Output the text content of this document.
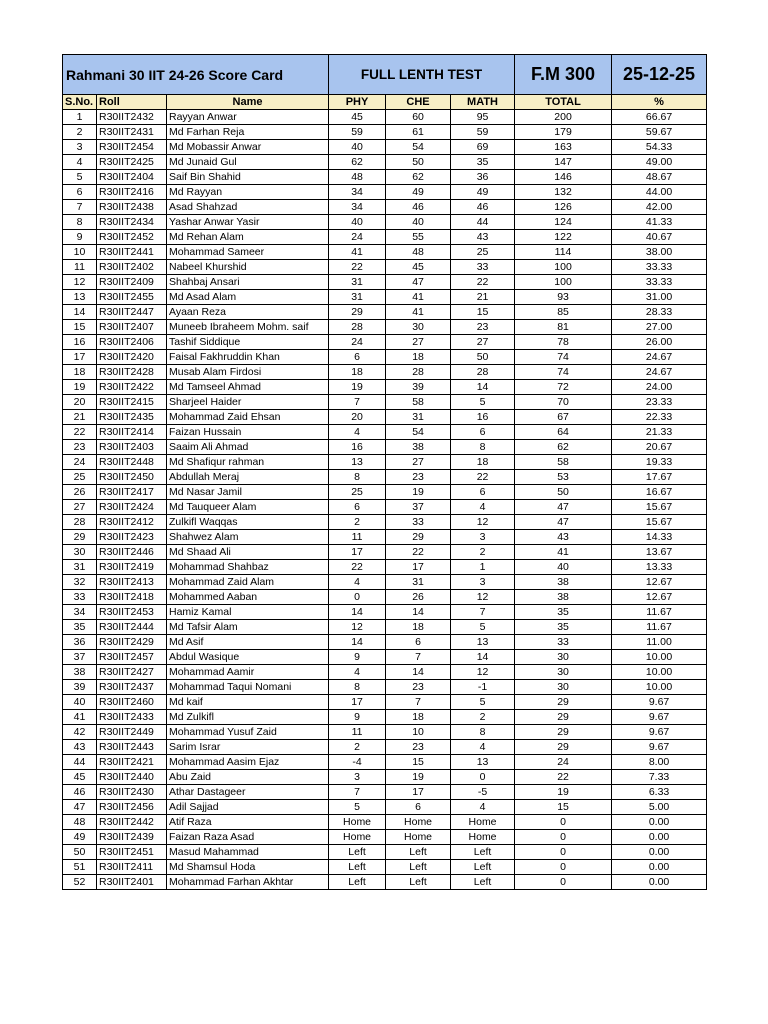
Rahmani 30 IIT 24-26 Score Card			FULL LENTH TEST			F.M 300	25-12-25
S.No.	Roll	Name	PHY	CHE	MATH	TOTAL	%
1	R30IIT2432	Rayyan Anwar	45	60	95	200	66.67
2	R30IIT2431	Md Farhan Reja	59	61	59	179	59.67
3	R30IIT2454	Md Mobassir Anwar	40	54	69	163	54.33
4	R30IIT2425	Md Junaid Gul	62	50	35	147	49.00
5	R30IIT2404	Saif Bin Shahid	48	62	36	146	48.67
6	R30IIT2416	Md Rayyan	34	49	49	132	44.00
7	R30IIT2438	Asad Shahzad	34	46	46	126	42.00
8	R30IIT2434	Yashar Anwar Yasir	40	40	44	124	41.33
9	R30IIT2452	Md Rehan Alam	24	55	43	122	40.67
10	R30IIT2441	Mohammad Sameer	41	48	25	114	38.00
11	R30IIT2402	Nabeel Khurshid	22	45	33	100	33.33
12	R30IIT2409	Shahbaj Ansari	31	47	22	100	33.33
13	R30IIT2455	Md Asad Alam	31	41	21	93	31.00
14	R30IIT2447	Ayaan Reza	29	41	15	85	28.33
15	R30IIT2407	Muneeb Ibraheem Mohm. saif	28	30	23	81	27.00
16	R30IIT2406	Tashif Siddique	24	27	27	78	26.00
17	R30IIT2420	Faisal Fakhruddin Khan	6	18	50	74	24.67
18	R30IIT2428	Musab Alam Firdosi	18	28	28	74	24.67
19	R30IIT2422	Md Tamseel Ahmad	19	39	14	72	24.00
20	R30IIT2415	Sharjeel Haider	7	58	5	70	23.33
21	R30IIT2435	Mohammad Zaid Ehsan	20	31	16	67	22.33
22	R30IIT2414	Faizan Hussain	4	54	6	64	21.33
23	R30IIT2403	Saaim Ali Ahmad	16	38	8	62	20.67
24	R30IIT2448	Md Shafiqur rahman	13	27	18	58	19.33
25	R30IIT2450	Abdullah Meraj	8	23	22	53	17.67
26	R30IIT2417	Md Nasar Jamil	25	19	6	50	16.67
27	R30IIT2424	Md Tauqueer Alam	6	37	4	47	15.67
28	R30IIT2412	Zulkifl Waqqas	2	33	12	47	15.67
29	R30IIT2423	Shahwez Alam	11	29	3	43	14.33
30	R30IIT2446	Md Shaad Ali	17	22	2	41	13.67
31	R30IIT2419	Mohammad Shahbaz	22	17	1	40	13.33
32	R30IIT2413	Mohammad Zaid Alam	4	31	3	38	12.67
33	R30IIT2418	Mohammed Aaban	0	26	12	38	12.67
34	R30IIT2453	Hamiz Kamal	14	14	7	35	11.67
35	R30IIT2444	Md Tafsir Alam	12	18	5	35	11.67
36	R30IIT2429	Md Asif	14	6	13	33	11.00
37	R30IIT2457	Abdul Wasique	9	7	14	30	10.00
38	R30IIT2427	Mohammad Aamir	4	14	12	30	10.00
39	R30IIT2437	Mohammad Taqui Nomani	8	23	-1	30	10.00
40	R30IIT2460	Md kaif	17	7	5	29	9.67
41	R30IIT2433	Md Zulkifl	9	18	2	29	9.67
42	R30IIT2449	Mohammad Yusuf Zaid	11	10	8	29	9.67
43	R30IIT2443	Sarim Israr	2	23	4	29	9.67
44	R30IIT2421	Mohammad Aasim Ejaz	-4	15	13	24	8.00
45	R30IIT2440	Abu Zaid	3	19	0	22	7.33
46	R30IIT2430	Athar Dastageer	7	17	-5	19	6.33
47	R30IIT2456	Adil Sajjad	5	6	4	15	5.00
48	R30IIT2442	Atif Raza	Home	Home	Home	0	0.00
49	R30IIT2439	Faizan Raza Asad	Home	Home	Home	0	0.00
50	R30IIT2451	Masud Mahammad	Left	Left	Left	0	0.00
51	R30IIT2411	Md Shamsul Hoda	Left	Left	Left	0	0.00
52	R30IIT2401	Mohammad Farhan Akhtar	Left	Left	Left	0	0.00
